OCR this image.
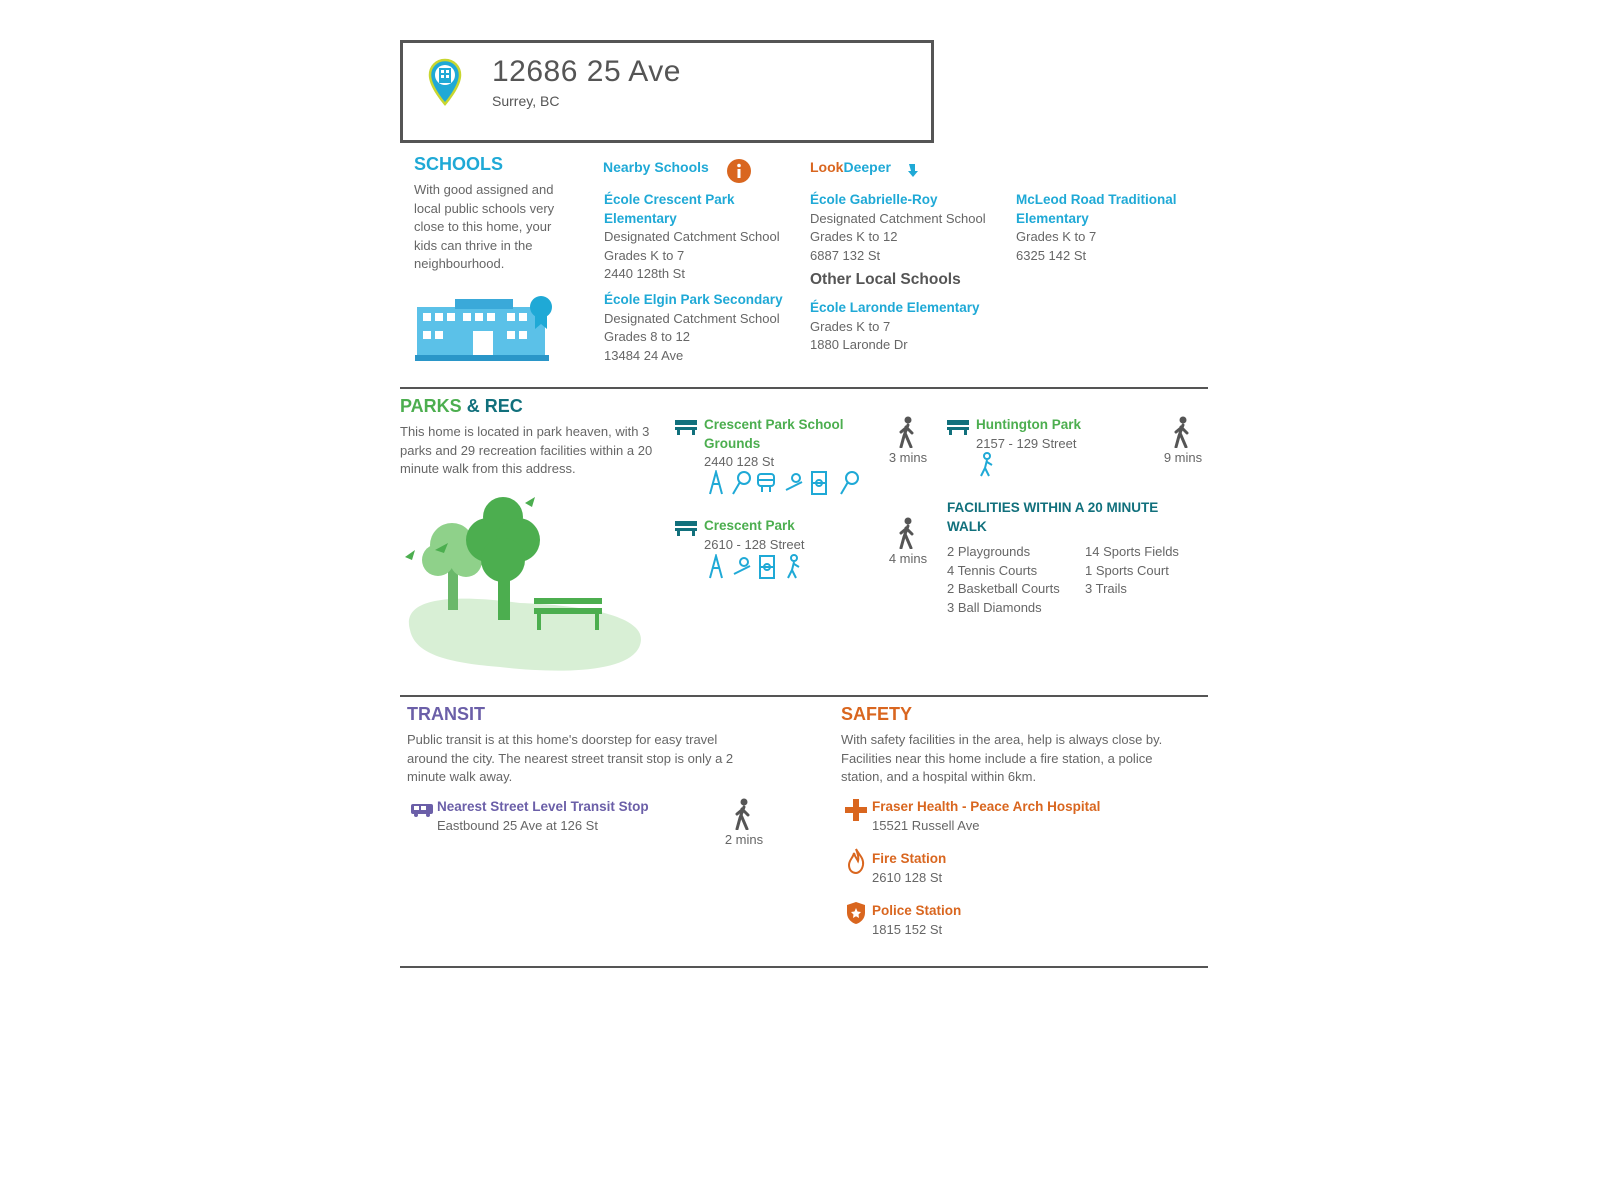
12686 25 Ave
Surrey, BC
SCHOOLS
With good assigned and
local public schools very
close to this home, your
kids can thrive in the
neighbourhood.
Nearby Schools	LookDeeper
École Crescent Park
Elementary
Designated Catchment School
Grades K to 7
2440 128th St
École Elgin Park Secondary
Designated Catchment School
Grades 8 to 12
13484 24 Ave
École Gabrielle-Roy
Designated Catchment School
Grades K to 12
6887 132 St
McLeod Road Traditional
Elementary
Grades K to 7
6325 142 St
Other Local Schools
École Laronde Elementary
Grades K to 7
1880 Laronde Dr
PARKS & REC
This home is located in park heaven, with 3
parks and 29 recreation facilities within a 20
minute walk from this address.
Crescent Park School
Grounds
2440 128 St	3 mins
Crescent Park
2610 - 128 Street
4 mins
Huntington Park
2157 - 129 Street
9 mins
FACILITIES WITHIN A 20 MINUTE
WALK
2 Playgrounds
4 Tennis Courts
2 Basketball Courts
3 Ball Diamonds
14 Sports Fields
1 Sports Court
3 Trails
TRANSIT
Public transit is at this home's doorstep for easy travel
around the city. The nearest street transit stop is only a 2
minute walk away.
Nearest Street Level Transit Stop
Eastbound 25 Ave at 126 St
2 mins
SAFETY
With safety facilities in the area, help is always close by.
Facilities near this home include a fire station, a police
station, and a hospital within 6km.
Fraser Health - Peace Arch Hospital
15521 Russell Ave
Fire Station
2610 128 St
Police Station
1815 152 St
